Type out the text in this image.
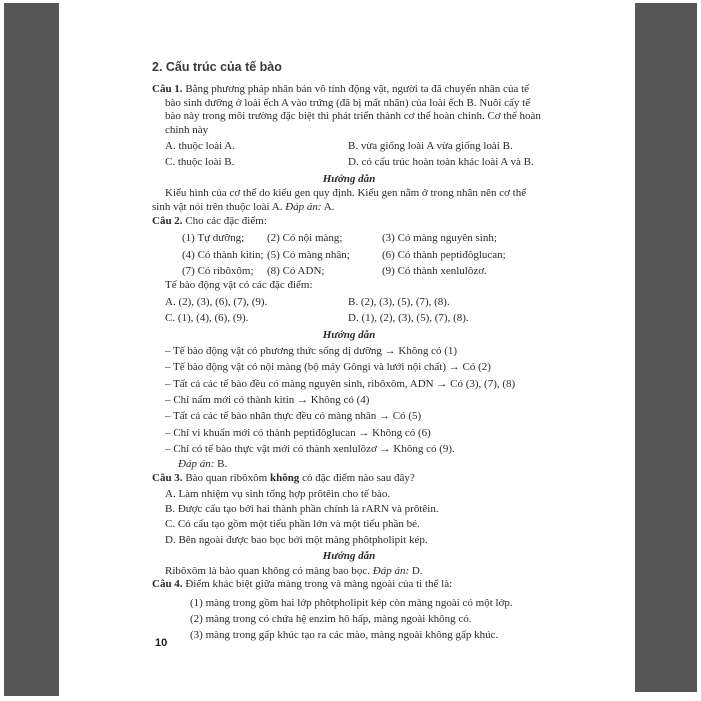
2. Cấu trúc của tế bào

Câu 1. Bằng phương pháp nhân bản vô tính động vật, người ta đã chuyển nhân của tế bào sinh dưỡng ở loài ếch A vào trứng (đã bị mất nhân) của loài ếch B. Nuôi cấy tế bào này trong môi trường đặc biệt thì phát triển thành cơ thể hoàn chỉnh. Cơ thể hoàn chỉnh này

A. thuộc loài A.	B. vừa giống loài A vừa giống loài B.
C. thuộc loài B.	D. có cấu trúc hoàn toàn khác loài A và B.

Hướng dẫn

Kiểu hình của cơ thể do kiểu gen quy định. Kiểu gen nằm ở trong nhân nên cơ thể sinh vật nói trên thuộc loài A. Đáp án: A.

Câu 2. Cho các đặc điểm:

(1) Tự dưỡng;	(2) Có nội màng;	(3) Có màng nguyên sinh;
(4) Có thành kitin; (5) Có màng nhân;	(6) Có thành peptiđôglucan;
(7) Có ribôxôm;	(8) Có ADN;	(9) Có thành xenlulôzơ.

Tế bào động vật có các đặc điểm:

A. (2), (3), (6), (7), (9).	B. (2), (3), (5), (7), (8).
C. (1), (4), (6), (9).	D. (1), (2), (3), (5), (7), (8).

Hướng dẫn

– Tế bào động vật có phương thức sống dị dưỡng → Không có (1)
– Tế bào động vật có nội màng (bộ máy Gôngi và lưới nội chất) → Có (2)
– Tất cả các tế bào đều có màng nguyên sinh, ribôxôm, ADN → Có (3), (7), (8)
– Chỉ nấm mới có thành kitin → Không có (4)
– Tất cả các tế bào nhân thực đều có màng nhân → Có (5)
– Chỉ vi khuẩn mới có thành peptiđôglucan → Không có (6)
– Chỉ có tế bào thực vật mới có thành xenlulôzơ → Không có (9).

Đáp án: B.

Câu 3. Bào quan ribôxôm không có đặc điểm nào sau đây?

A. Làm nhiệm vụ sinh tổng hợp prôtêin cho tế bào.
B. Được cấu tạo bởi hai thành phần chính là rARN và prôtêin.
C. Có cấu tạo gồm một tiểu phần lớn và một tiểu phần bé.
D. Bên ngoài được bao bọc bởi một màng phôtpholipit kép.

Hướng dẫn

Ribôxôm là bào quan không có màng bao bọc. Đáp án: D.

Câu 4. Điểm khác biệt giữa màng trong và màng ngoài của ti thể là:

(1) màng trong gồm hai lớp phôtpholipit kép còn màng ngoài có một lớp.
(2) màng trong có chứa hệ enzim hô hấp, màng ngoài không có.
(3) màng trong gấp khúc tạo ra các mào, màng ngoài không gấp khúc.
10
